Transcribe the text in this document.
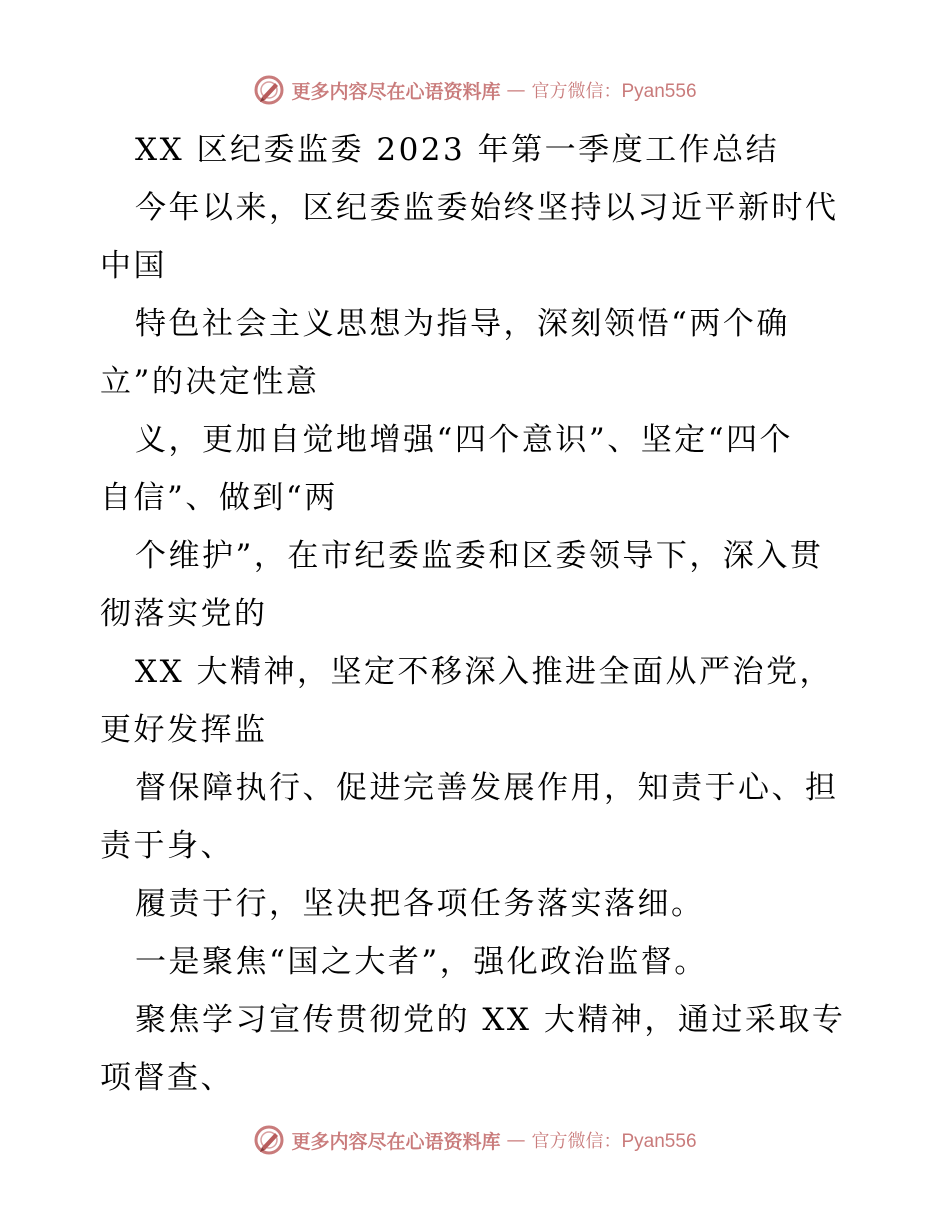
更多内容尽在心语资料库 — 官方微信：Pyan556
XX 区纪委监委 2023 年第一季度工作总结
今年以来，区纪委监委始终坚持以习近平新时代
中国
特色社会主义思想为指导，深刻领悟“两个确
立”的决定性意
义，更加自觉地增强“四个意识”、坚定“四个
自信”、做到“两
个维护”，在市纪委监委和区委领导下，深入贯
彻落实党的
XX 大精神，坚定不移深入推进全面从严治党，
更好发挥监
督保障执行、促进完善发展作用，知责于心、担
责于身、
履责于行，坚决把各项任务落实落细。
一是聚焦“国之大者”，强化政治监督。
聚焦学习宣传贯彻党的 XX 大精神，通过采取专
项督查、
更多内容尽在心语资料库 — 官方微信：Pyan556
